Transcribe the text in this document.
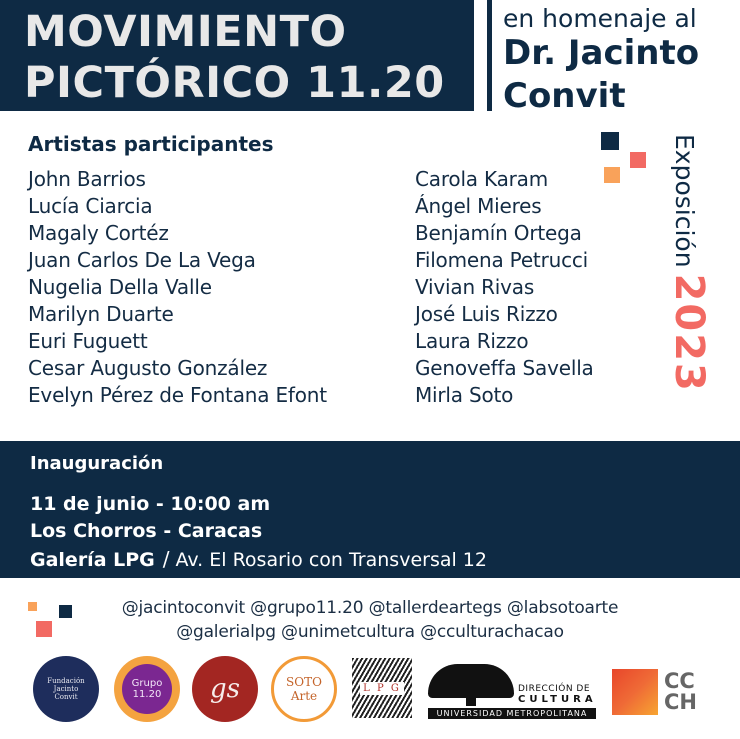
MOVIMIENTO
PICTÓRICO 11.20
en homenaje al
Dr. Jacinto
Convit
Artistas participantes
John Barrios
Lucía Ciarcia
Magaly Cortéz
Juan Carlos De La Vega
Nugelia Della Valle
Marilyn Duarte
Euri Fuguett
Cesar Augusto González
Evelyn Pérez de Fontana Efont
Carola Karam
Ángel Mieres
Benjamín Ortega
Filomena Petrucci
Vivian Rivas
José Luis Rizzo
Laura Rizzo
Genoveffa Savella
Mirla Soto
Exposición2023
Inauguración
11 de junio - 10:00 am
Los Chorros - Caracas
Galería LPG / Av. El Rosario con Transversal 12
@jacintoconvit @grupo11.20 @tallerdeartegs @labsotoarte
@galerialpg @unimetcultura @cculturachacao
Fundación Jacinto Convit
Grupo
11.20 gs	SOTO Arte
L P G	DIRECCIÓN DE
CULTURA
UNIVERSIDAD METROPOLITANA
CC
CH
